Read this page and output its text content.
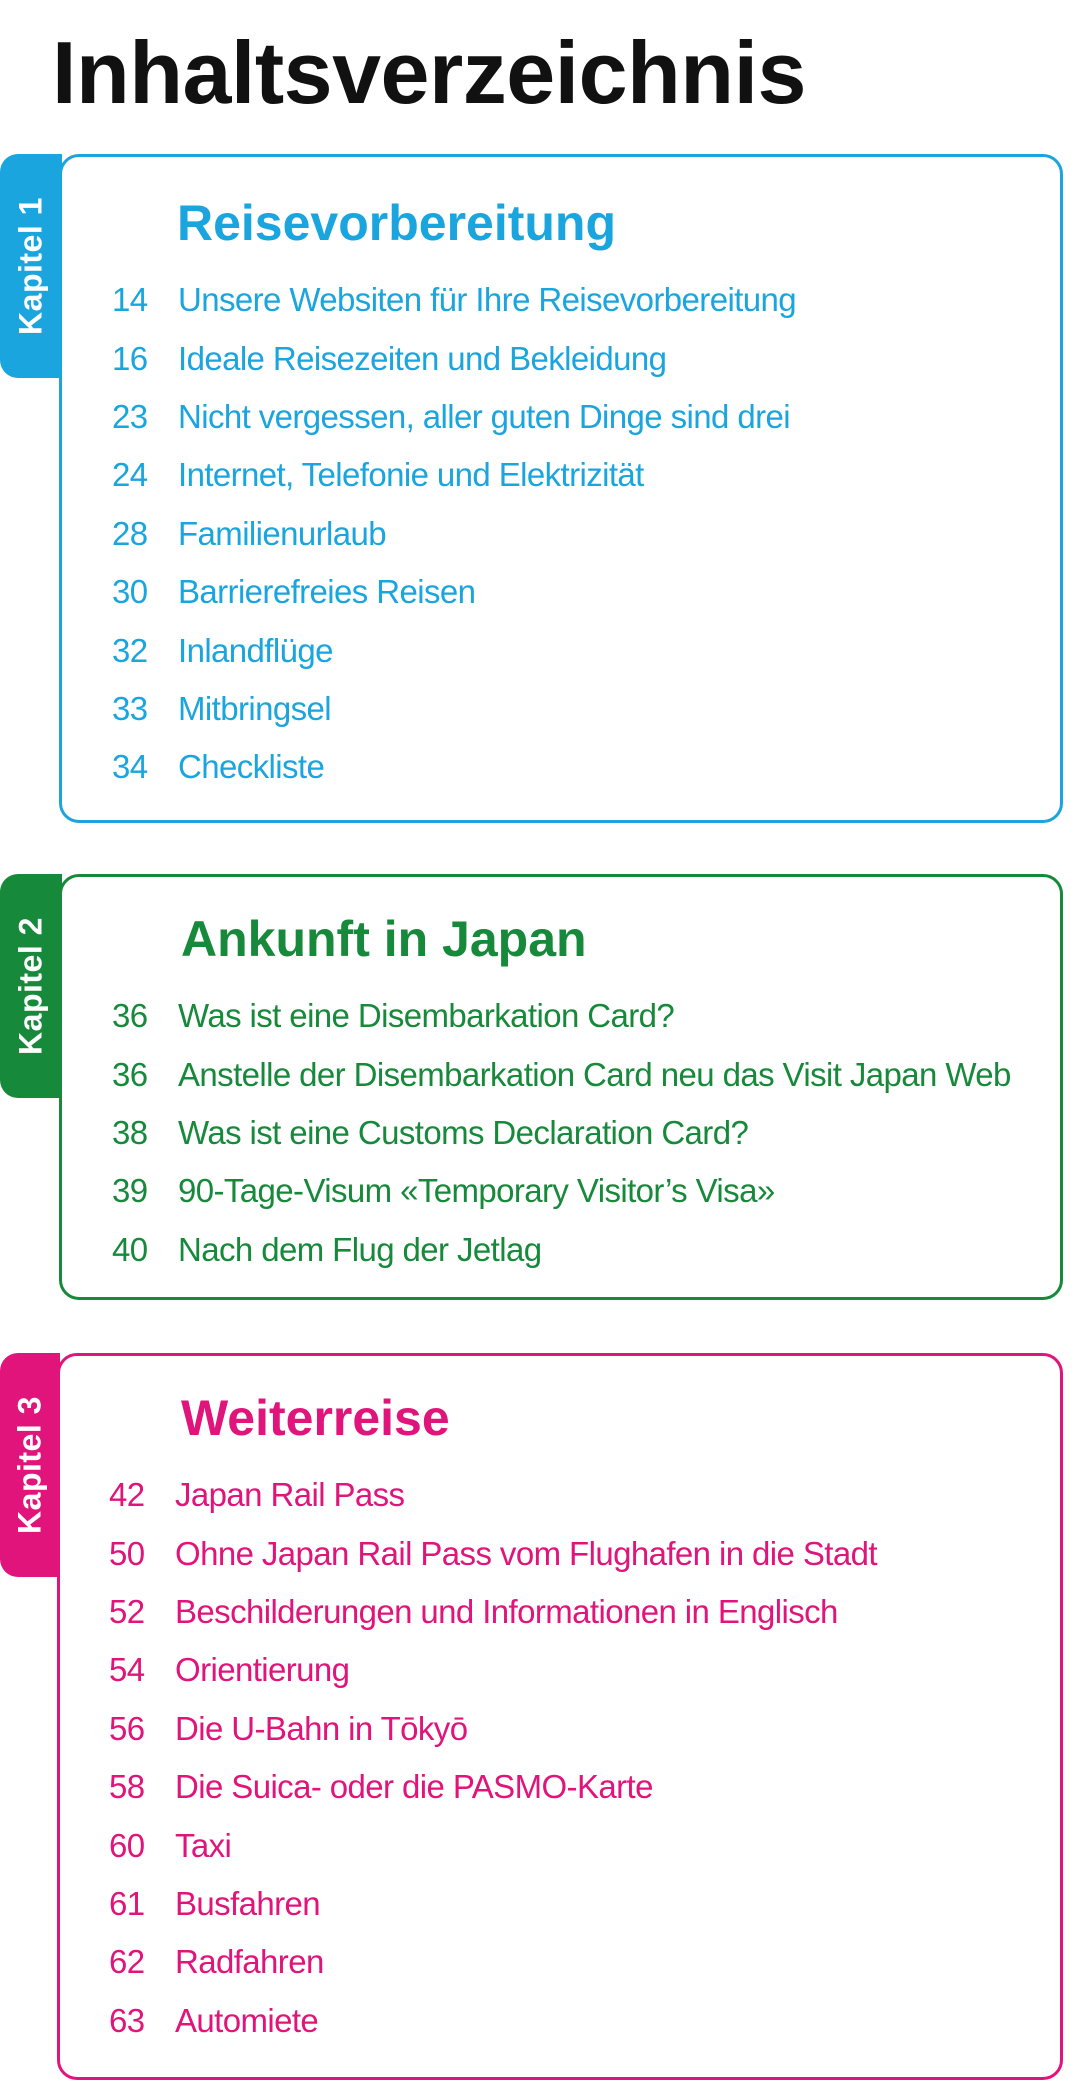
Inhaltsverzeichnis
Kapitel 1	Reisevorbereitung
14 Unsere Websiten für Ihre Reisevorbereitung
16 Ideale Reisezeiten und Bekleidung
23 Nicht vergessen, aller guten Dinge sind drei
24 Internet, Telefonie und Elektrizität
28 Familienurlaub
30 Barrierefreies Reisen
32 Inlandflüge
33 Mitbringsel
34 Checkliste
Kapitel 2	Ankunft in Japan
36 Was ist eine Disembarkation Card?
36 Anstelle der Disembarkation Card neu das Visit Japan Web
38 Was ist eine Customs Declaration Card?
39 90-Tage-Visum «Temporary Visitor’s Visa»
40 Nach dem Flug der Jetlag
Kapitel 3	Weiterreise
42 Japan Rail Pass
50 Ohne Japan Rail Pass vom Flughafen in die Stadt
52 Beschilderungen und Informationen in Englisch
54 Orientierung
56 Die U-Bahn in Tōkyō
58 Die Suica- oder die PASMO-Karte
60 Taxi
61 Busfahren
62 Radfahren
63 Automiete
